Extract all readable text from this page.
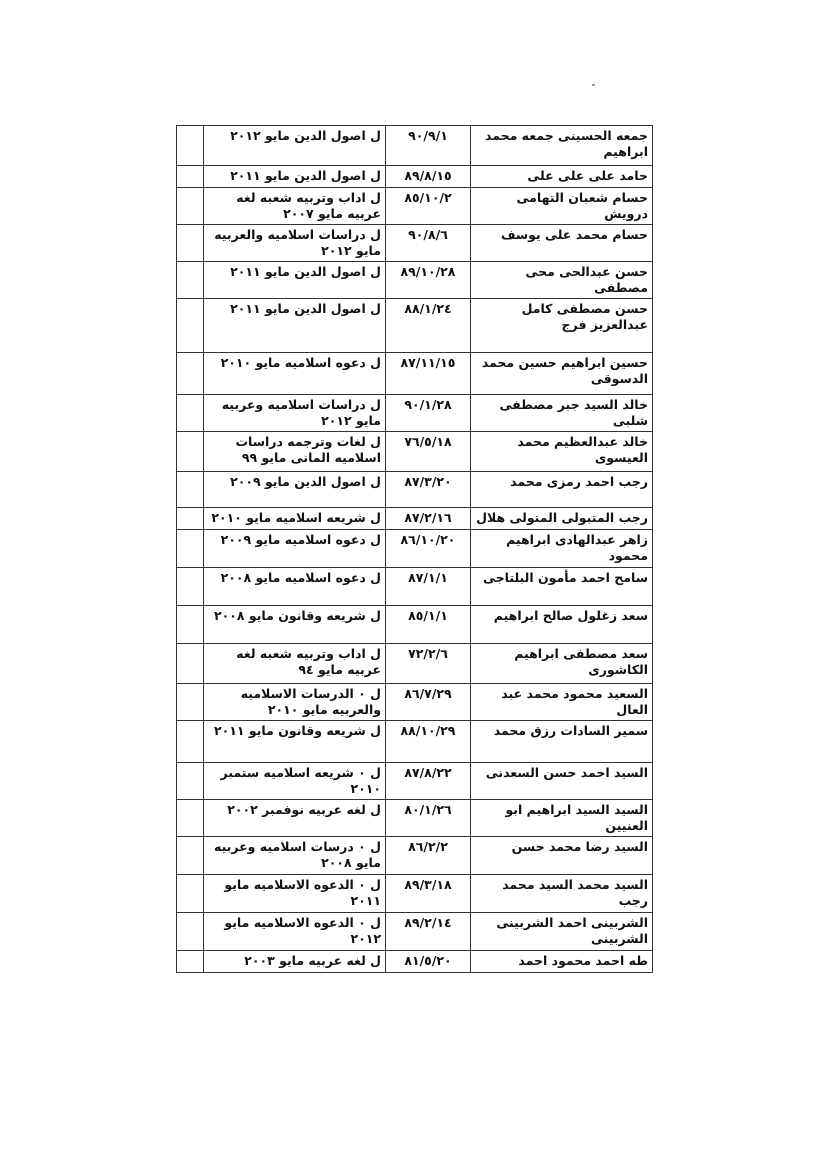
	ل اصول الدين مايو ٢٠١٢	٩٠/٩/١	جمعه الحسينى جمعه محمد ابراهيم
	ل اصول الدين مايو ٢٠١١	٨٩/٨/١٥	حامد على على على
	ل اداب وتربيه شعبه لغه عربيه مايو ٢٠٠٧	٨٥/١٠/٢	حسام شعبان التهامى درويش
	ل دراسات اسلاميه والعربيه مايو ٢٠١٢	٩٠/٨/٦	حسام محمد على يوسف
	ل اصول الدين مايو ٢٠١١	٨٩/١٠/٢٨	حسن عبدالحى محى مصطفى
	ل اصول الدين مايو ٢٠١١	٨٨/١/٢٤	حسن مصطفى كامل عبدالعزيز فرج
	ل دعوه اسلاميه مايو ٢٠١٠	٨٧/١١/١٥	حسين ابراهيم حسين محمد الدسوقى
	ل دراسات اسلاميه وعربيه مايو ٢٠١٢	٩٠/١/٢٨	خالد السيد جبر مصطفى شلبى
	ل لغات وترجمه دراسات اسلاميه المانى مايو ٩٩	٧٦/٥/١٨	خالد عبدالعظيم محمد العيسوى
	ل اصول الدين مايو ٢٠٠٩	٨٧/٣/٢٠	رجب احمد رمزى محمد
	ل شريعه اسلاميه مايو ٢٠١٠	٨٧/٢/١٦	رجب المتبولى المتولى هلال
	ل دعوه اسلاميه مايو ٢٠٠٩	٨٦/١٠/٢٠	زاهر عبدالهادى ابراهيم محمود
	ل دعوه اسلاميه مايو ٢٠٠٨	٨٧/١/١	سامح احمد مأمون البلتاجى
	ل شريعه وقانون مايو ٢٠٠٨	٨٥/١/١	سعد زغلول صالح ابراهيم
	ل اداب وتربيه شعبه لغه عربيه مايو ٩٤	٧٢/٢/٦	سعد مصطفى ابراهيم الكاشورى
	ل ٠ الدرسات الاسلاميه والعربيه مايو ٢٠١٠	٨٦/٧/٢٩	السعيد محمود محمد عبد العال
	ل شريعه وقانون مايو ٢٠١١	٨٨/١٠/٢٩	سمير السادات رزق محمد
	ل ٠ شريعه اسلاميه ستمبر ٢٠١٠	٨٧/٨/٢٢	السيد احمد حسن السعدنى
	ل لغه عربيه نوفمبر ٢٠٠٢	٨٠/١/٢٦	السيد السيد ابراهيم ابو العنيين
	ل ٠ درسات اسلاميه وعربيه مايو ٢٠٠٨	٨٦/٢/٢	السيد رضا محمد حسن
	ل ٠ الدعوه الاسلاميه مايو ٢٠١١	٨٩/٣/١٨	السيد محمد السيد محمد رجب
	ل ٠ الدعوه الاسلاميه مايو ٢٠١٢	٨٩/٢/١٤	الشربينى احمد الشربينى الشربينى
	ل لغه عربيه مايو ٢٠٠٣	٨١/٥/٢٠	طه احمد محمود احمد
